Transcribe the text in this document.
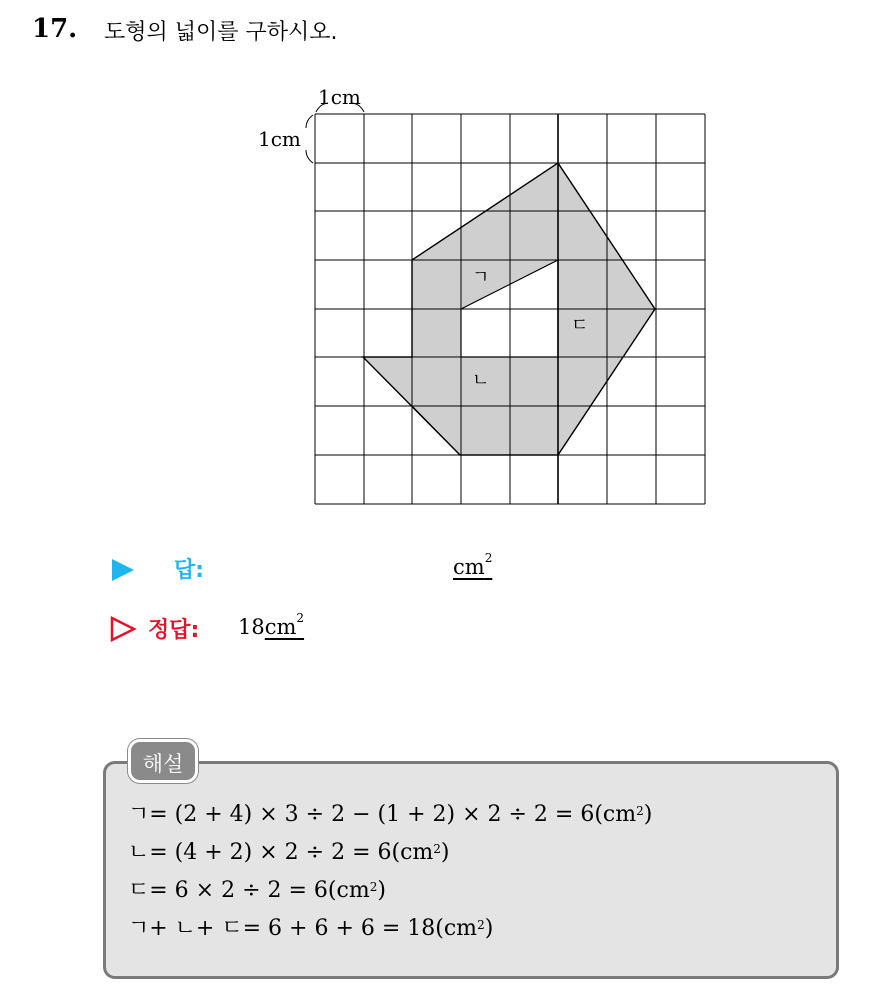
17. 도형의 넓이를 구하시오.
1cm
1cm
ㄱ
ㄴ
ㄷ
답:	$cm^2$
정답: $18cm^2$
해설
ㄱ= $(2 + 4) \times 3 \div 2 - (1 + 2) \times 2 \div 2 = 6(cm^2)$
ㄴ= $(4 + 2) \times 2 \div 2 = 6(cm^2)$
ㄷ= $6 \times 2 \div 2 = 6(cm^2)$
ㄱ+ ㄴ+ ㄷ= $6 + 6 + 6 = 18(cm^2)$
